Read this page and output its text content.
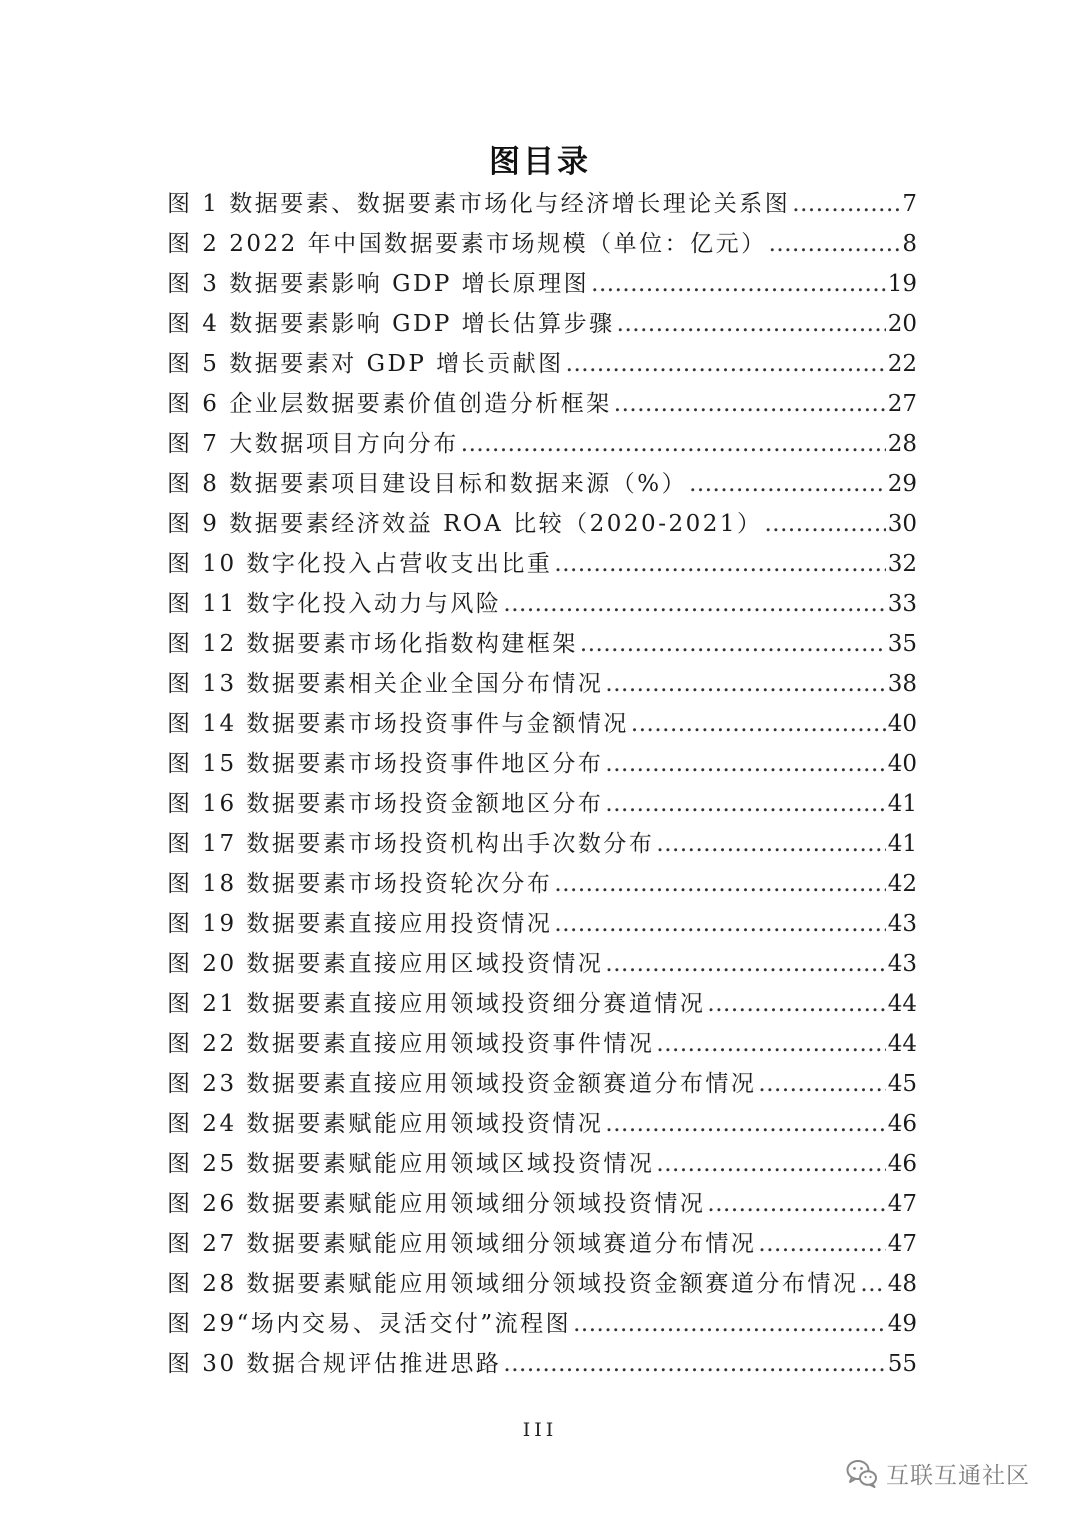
图目录
图 1 数据要素、数据要素市场化与经济增长理论关系图 .....	7
图 2 2022 年中国数据要素市场规模（单位：亿元） .....	8
图 3 数据要素影响 GDP 增长原理图 .....	19
图 4 数据要素影响 GDP 增长估算步骤 .....	20
图 5 数据要素对 GDP 增长贡献图 .....	22
图 6 企业层数据要素价值创造分析框架 .....	27
图 7 大数据项目方向分布 .....	28
图 8 数据要素项目建设目标和数据来源（%） .....	29
图 9 数据要素经济效益 ROA 比较（2020-2021） .....	30
图 10 数字化投入占营收支出比重 .....	32
图 11 数字化投入动力与风险 .....	33
图 12 数据要素市场化指数构建框架 .....	35
图 13 数据要素相关企业全国分布情况 .....	38
图 14 数据要素市场投资事件与金额情况 .....	40
图 15 数据要素市场投资事件地区分布 .....	40
图 16 数据要素市场投资金额地区分布 .....	41
图 17 数据要素市场投资机构出手次数分布 .....	41
图 18 数据要素市场投资轮次分布 .....	42
图 19 数据要素直接应用投资情况 .....	43
图 20 数据要素直接应用区域投资情况 .....	43
图 21 数据要素直接应用领域投资细分赛道情况 .....	44
图 22 数据要素直接应用领域投资事件情况 .....	44
图 23 数据要素直接应用领域投资金额赛道分布情况 .....	45
图 24 数据要素赋能应用领域投资情况 .....	46
图 25 数据要素赋能应用领域区域投资情况 .....	46
图 26 数据要素赋能应用领域细分领域投资情况 .....	47
图 27 数据要素赋能应用领域细分领域赛道分布情况 .....	47
图 28 数据要素赋能应用领域细分领域投资金额赛道分布情况 ..... 48
图 29“场内交易、灵活交付”流程图 .....	49
图 30 数据合规评估推进思路 .....	55
III
互联互通社区
